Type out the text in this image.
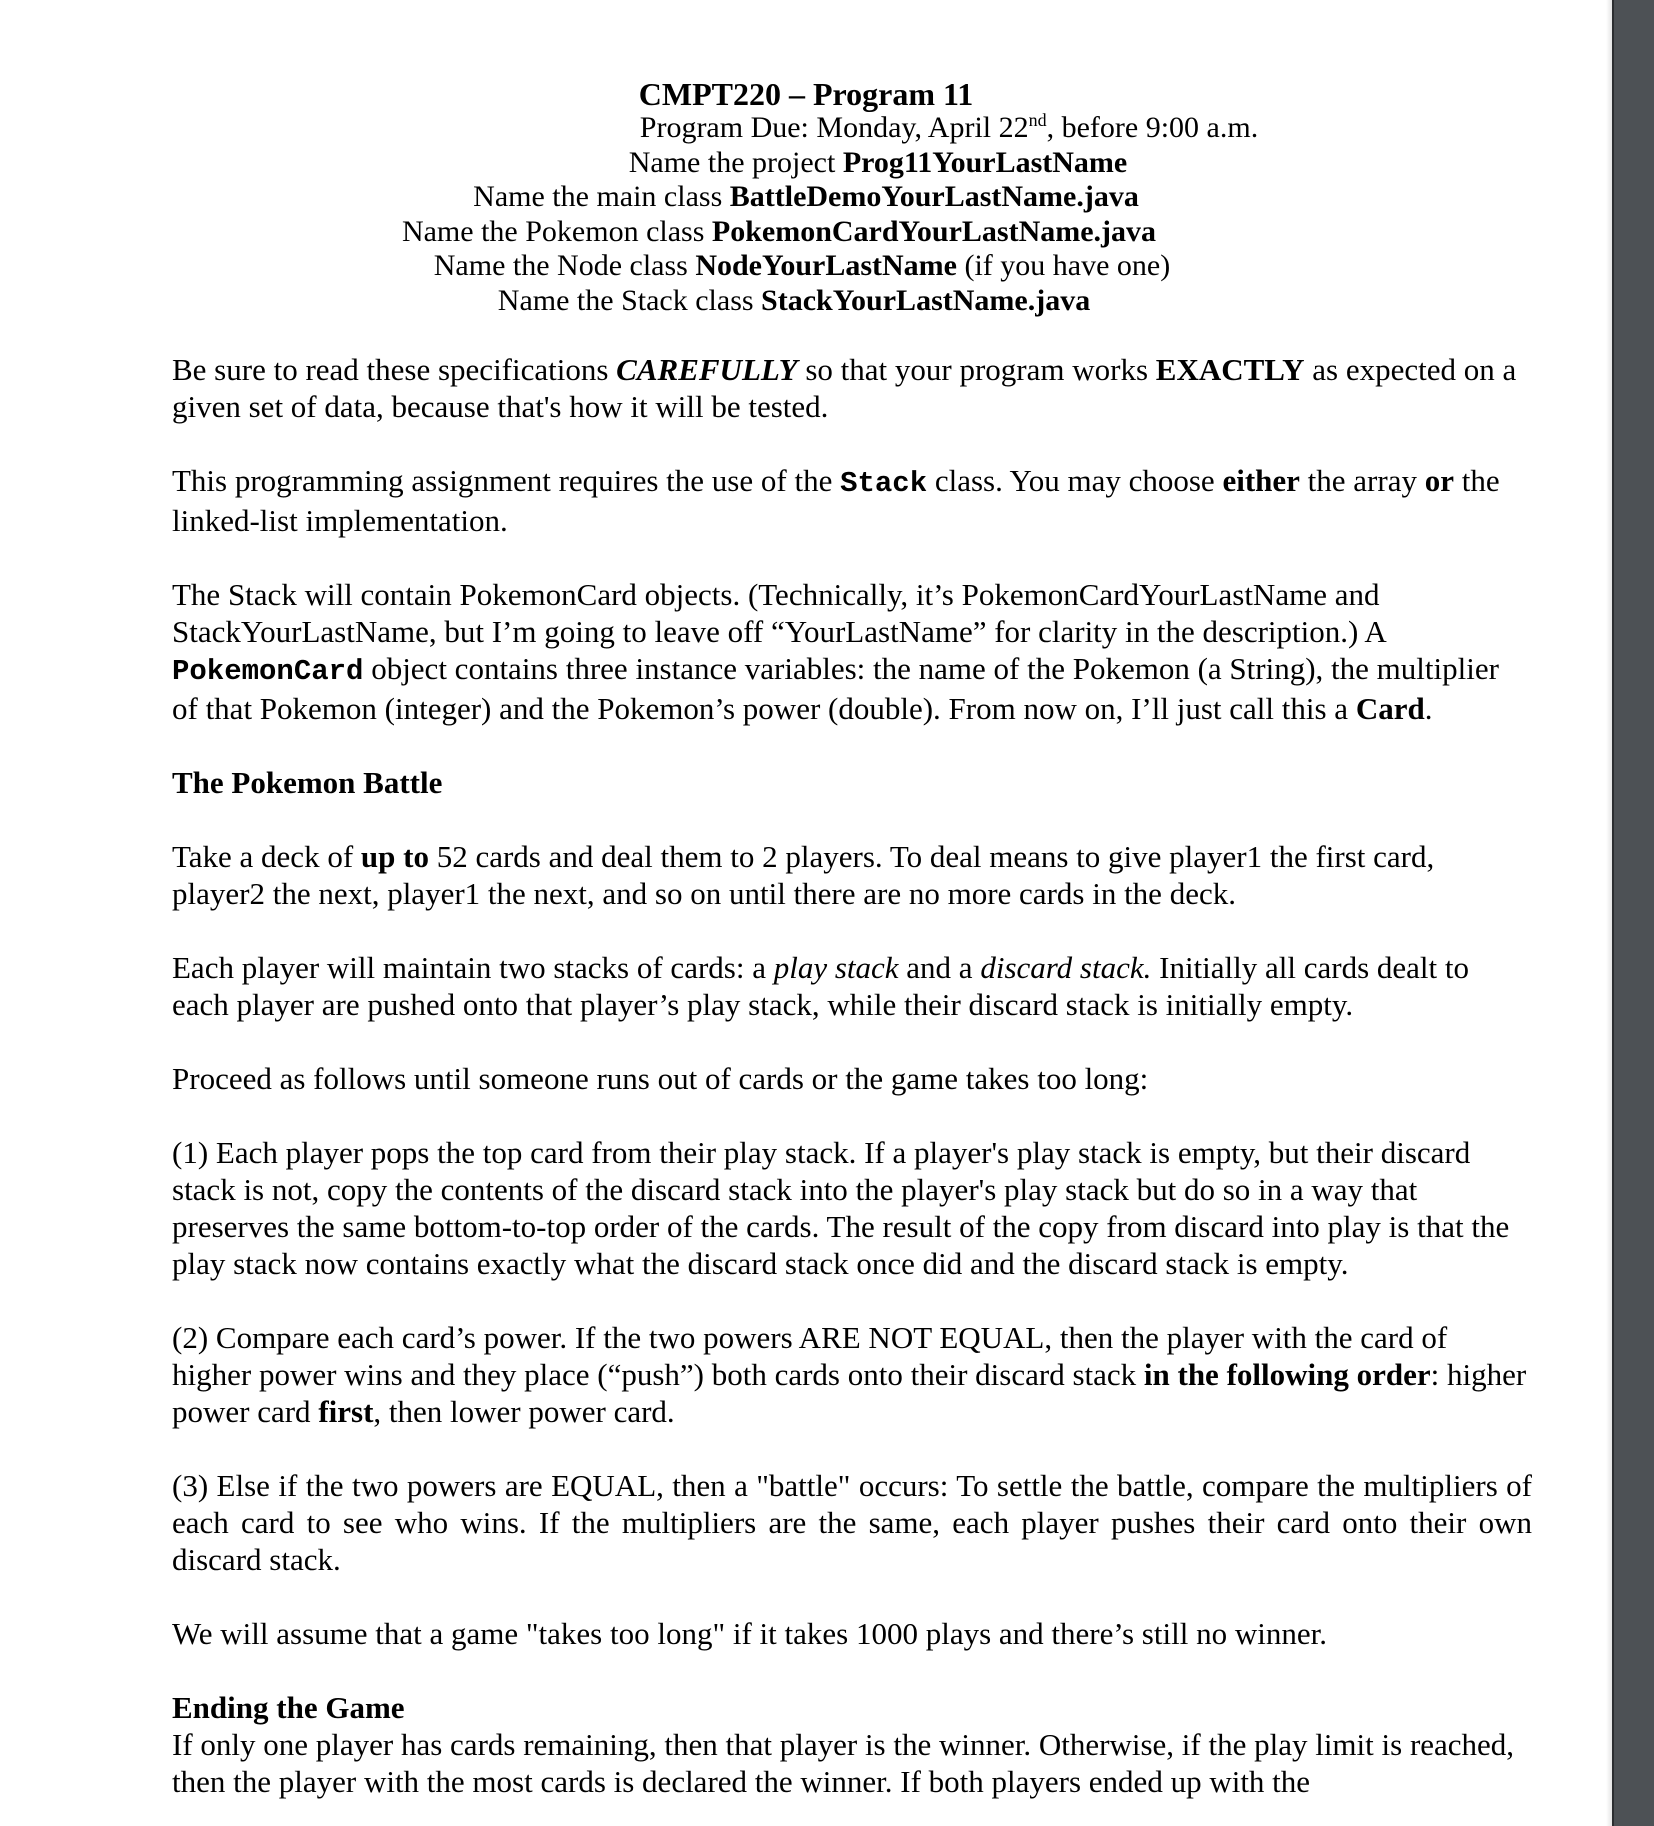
CMPT220 – Program 11
Program Due: Monday, April 22nd, before 9:00 a.m.
Name the project Prog11YourLastName
Name the main class BattleDemoYourLastName.java
Name the Pokemon class PokemonCardYourLastName.java
Name the Node class NodeYourLastName (if you have one)
Name the Stack class StackYourLastName.java

Be sure to read these specifications CAREFULLY so that your program works EXACTLY as expected on a given set of data, because that's how it will be tested.

This programming assignment requires the use of the Stack class. You may choose either the array or the linked-list implementation.

The Stack will contain PokemonCard objects. (Technically, it’s PokemonCardYourLastName and StackYourLastName, but I’m going to leave off “YourLastName” for clarity in the description.) A PokemonCard object contains three instance variables: the name of the Pokemon (a String), the multiplier of that Pokemon (integer) and the Pokemon’s power (double). From now on, I’ll just call this a Card.

The Pokemon Battle

Take a deck of up to 52 cards and deal them to 2 players. To deal means to give player1 the first card, player2 the next, player1 the next, and so on until there are no more cards in the deck.

Each player will maintain two stacks of cards: a play stack and a discard stack. Initially all cards dealt to each player are pushed onto that player’s play stack, while their discard stack is initially empty.

Proceed as follows until someone runs out of cards or the game takes too long:

(1) Each player pops the top card from their play stack. If a player's play stack is empty, but their discard stack is not, copy the contents of the discard stack into the player's play stack but do so in a way that preserves the same bottom-to-top order of the cards. The result of the copy from discard into play is that the play stack now contains exactly what the discard stack once did and the discard stack is empty.

(2) Compare each card’s power. If the two powers ARE NOT EQUAL, then the player with the card of higher power wins and they place (“push”) both cards onto their discard stack in the following order: higher power card first, then lower power card.

(3) Else if the two powers are EQUAL, then a "battle" occurs: To settle the battle, compare the multipliers of each card to see who wins. If the multipliers are the same, each player pushes their card onto their own discard stack.

We will assume that a game "takes too long" if it takes 1000 plays and there’s still no winner.

Ending the Game

If only one player has cards remaining, then that player is the winner. Otherwise, if the play limit is reached, then the player with the most cards is declared the winner. If both players ended up with the
